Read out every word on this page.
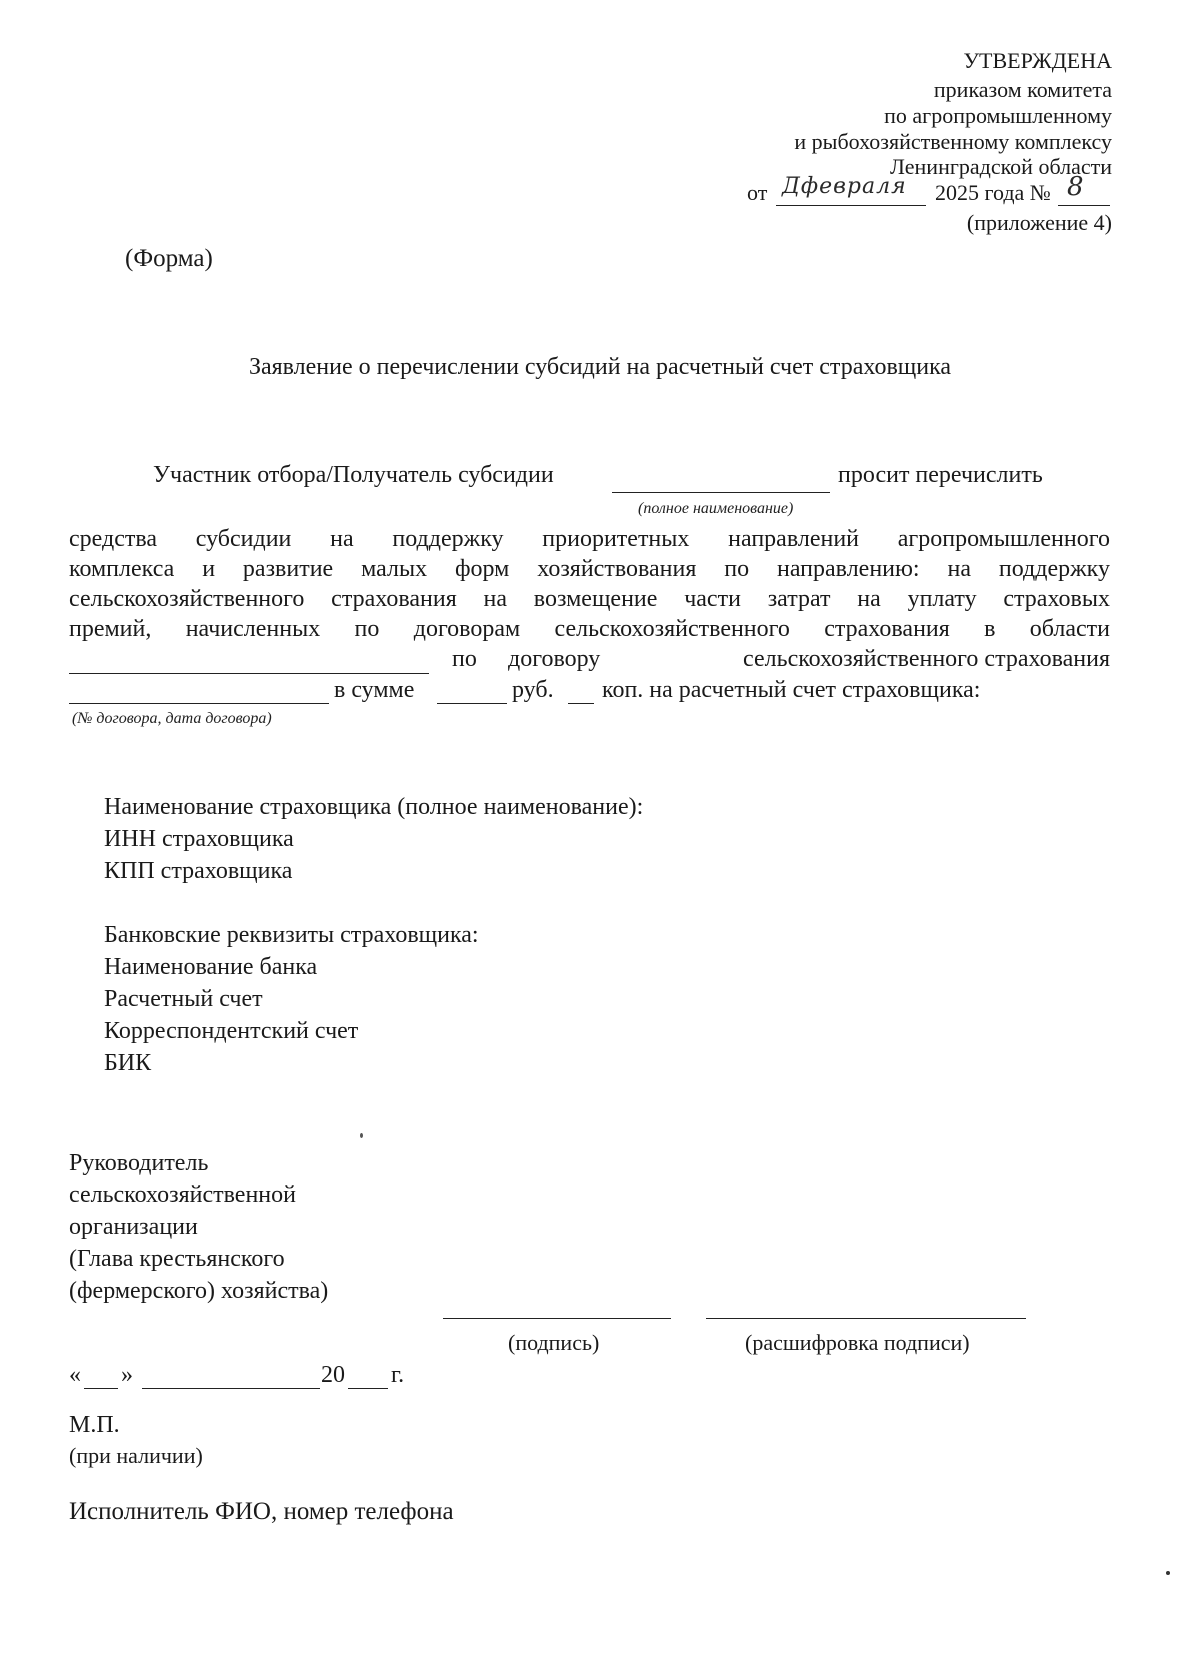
УТВЕРЖДЕНА
приказом комитета
по агропромышленному
и рыбохозяйственному комплексу
Ленинградской области
от Дфевраля 2025 года № 8
(приложение 4)
(Форма)
Заявление о перечислении субсидий на расчетный счет страховщика
Участник отбора/Получатель субсидии	просит перечислить
(полное наименование)
средства субсидии на поддержку приоритетных направлений агропромышленного
комплекса и развитие малых форм хозяйствования по направлению: на поддержку
сельскохозяйственного страхования на возмещение части затрат на уплату страховых
премий, начисленных по договорам сельскохозяйственного страхования в области
по договору	сельскохозяйственного страхования
в сумме	руб. коп. на расчетный счет страховщика:
(№ договора, дата договора)
Наименование страховщика (полное наименование):
ИНН страховщика
КПП страховщика
Банковские реквизиты страховщика:
Наименование банка
Расчетный счет
Корреспондентский счет
БИК
Руководитель
сельскохозяйственной
организации
(Глава крестьянского
(фермерского) хозяйства)
(подпись)	(расшифровка подписи)
« »	20 г.
М.П.
(при наличии)
Исполнитель ФИО, номер телефона
